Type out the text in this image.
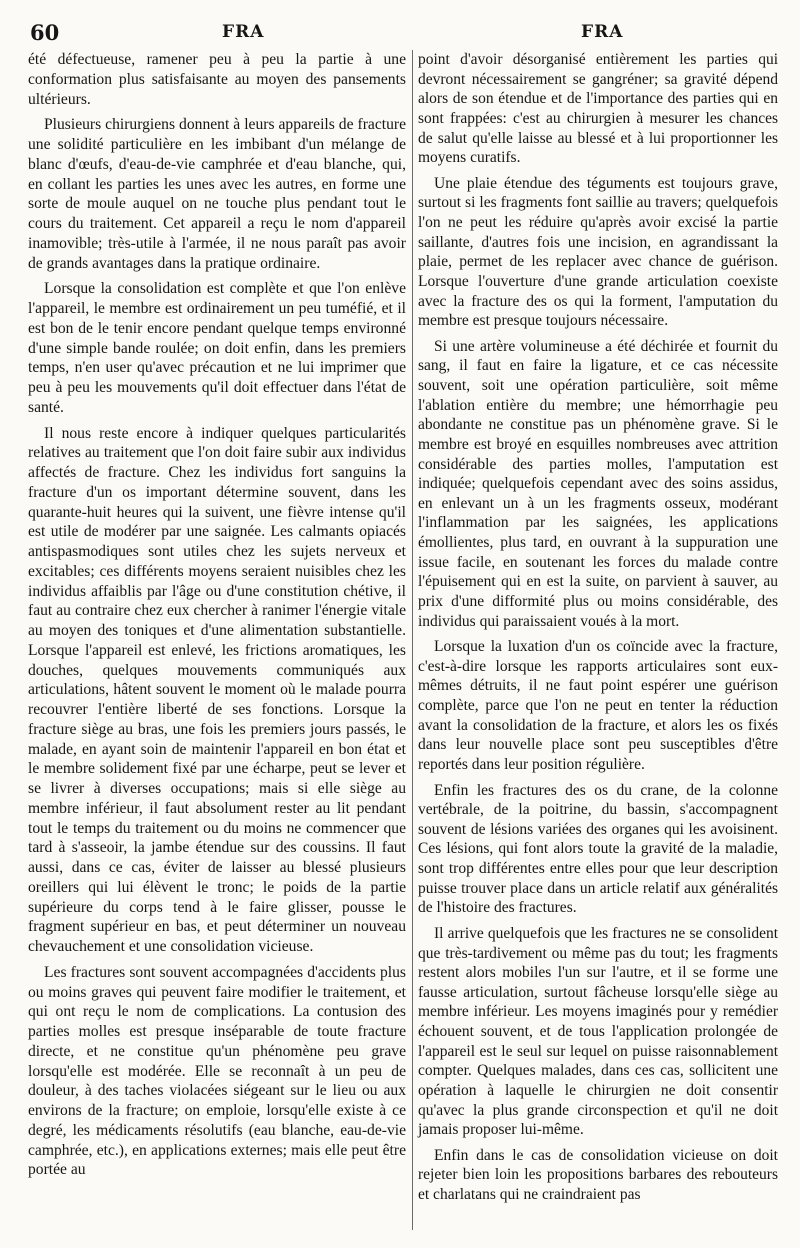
60	FRA	FRA

été défectueuse, ramener peu à peu la partie à une conformation plus satisfaisante au moyen des pansements ultérieurs.

Plusieurs chirurgiens donnent à leurs appareils de fracture une solidité particulière en les imbibant d'un mélange de blanc d'œufs, d'eau-de-vie camphrée et d'eau blanche, qui, en collant les parties les unes avec les autres, en forme une sorte de moule auquel on ne touche plus pendant tout le cours du traitement. Cet appareil a reçu le nom d'appareil inamovible; très-utile à l'armée, il ne nous paraît pas avoir de grands avantages dans la pratique ordinaire.

Lorsque la consolidation est complète et que l'on enlève l'appareil, le membre est ordinairement un peu tuméfié, et il est bon de le tenir encore pendant quelque temps environné d'une simple bande roulée; on doit enfin, dans les premiers temps, n'en user qu'avec précaution et ne lui imprimer que peu à peu les mouvements qu'il doit effectuer dans l'état de santé.

Il nous reste encore à indiquer quelques particularités relatives au traitement que l'on doit faire subir aux individus affectés de fracture. Chez les individus fort sanguins la fracture d'un os important détermine souvent, dans les quarante-huit heures qui la suivent, une fièvre intense qu'il est utile de modérer par une saignée. Les calmants opiacés antispasmodiques sont utiles chez les sujets nerveux et excitables; ces différents moyens seraient nuisibles chez les individus affaiblis par l'âge ou d'une constitution chétive, il faut au contraire chez eux chercher à ranimer l'énergie vitale au moyen des toniques et d'une alimentation substantielle. Lorsque l'appareil est enlevé, les frictions aromatiques, les douches, quelques mouvements communiqués aux articulations, hâtent souvent le moment où le malade pourra recouvrer l'entière liberté de ses fonctions. Lorsque la fracture siège au bras, une fois les premiers jours passés, le malade, en ayant soin de maintenir l'appareil en bon état et le membre solidement fixé par une écharpe, peut se lever et se livrer à diverses occupations; mais si elle siège au membre inférieur, il faut absolument rester au lit pendant tout le temps du traitement ou du moins ne commencer que tard à s'asseoir, la jambe étendue sur des coussins. Il faut aussi, dans ce cas, éviter de laisser au blessé plusieurs oreillers qui lui élèvent le tronc; le poids de la partie supérieure du corps tend à le faire glisser, pousse le fragment supérieur en bas, et peut déterminer un nouveau chevauchement et une consolidation vicieuse.

Les fractures sont souvent accompagnées d'accidents plus ou moins graves qui peuvent faire modifier le traitement, et qui ont reçu le nom de complications. La contusion des parties molles est presque inséparable de toute fracture directe, et ne constitue qu'un phénomène peu grave lorsqu'elle est modérée. Elle se reconnaît à un peu de douleur, à des taches violacées siégeant sur le lieu ou aux environs de la fracture; on emploie, lorsqu'elle existe à ce degré, les médicaments résolutifs (eau blanche, eau-de-vie camphrée, etc.), en applications externes; mais elle peut être portée au

point d'avoir désorganisé entièrement les parties qui devront nécessairement se gangréner; sa gravité dépend alors de son étendue et de l'importance des parties qui en sont frappées: c'est au chirurgien à mesurer les chances de salut qu'elle laisse au blessé et à lui proportionner les moyens curatifs.

Une plaie étendue des téguments est toujours grave, surtout si les fragments font saillie au travers; quelquefois l'on ne peut les réduire qu'après avoir excisé la partie saillante, d'autres fois une incision, en agrandissant la plaie, permet de les replacer avec chance de guérison. Lorsque l'ouverture d'une grande articulation coexiste avec la fracture des os qui la forment, l'amputation du membre est presque toujours nécessaire.

Si une artère volumineuse a été déchirée et fournit du sang, il faut en faire la ligature, et ce cas nécessite souvent, soit une opération particulière, soit même l'ablation entière du membre; une hémorrhagie peu abondante ne constitue pas un phénomène grave. Si le membre est broyé en esquilles nombreuses avec attrition considérable des parties molles, l'amputation est indiquée; quelquefois cependant avec des soins assidus, en enlevant un à un les fragments osseux, modérant l'inflammation par les saignées, les applications émollientes, plus tard, en ouvrant à la suppuration une issue facile, en soutenant les forces du malade contre l'épuisement qui en est la suite, on parvient à sauver, au prix d'une difformité plus ou moins considérable, des individus qui paraissaient voués à la mort.

Lorsque la luxation d'un os coïncide avec la fracture, c'est-à-dire lorsque les rapports articulaires sont eux-mêmes détruits, il ne faut point espérer une guérison complète, parce que l'on ne peut en tenter la réduction avant la consolidation de la fracture, et alors les os fixés dans leur nouvelle place sont peu susceptibles d'être reportés dans leur position régulière.

Enfin les fractures des os du crane, de la colonne vertébrale, de la poitrine, du bassin, s'accompagnent souvent de lésions variées des organes qui les avoisinent. Ces lésions, qui font alors toute la gravité de la maladie, sont trop différentes entre elles pour que leur description puisse trouver place dans un article relatif aux généralités de l'histoire des fractures.

Il arrive quelquefois que les fractures ne se consolident que très-tardivement ou même pas du tout; les fragments restent alors mobiles l'un sur l'autre, et il se forme une fausse articulation, surtout fâcheuse lorsqu'elle siège au membre inférieur. Les moyens imaginés pour y remédier échouent souvent, et de tous l'application prolongée de l'appareil est le seul sur lequel on puisse raisonnablement compter. Quelques malades, dans ces cas, sollicitent une opération à laquelle le chirurgien ne doit consentir qu'avec la plus grande circonspection et qu'il ne doit jamais proposer lui-même.

Enfin dans le cas de consolidation vicieuse on doit rejeter bien loin les propositions barbares des rebouteurs et charlatans qui ne craindraient pas
